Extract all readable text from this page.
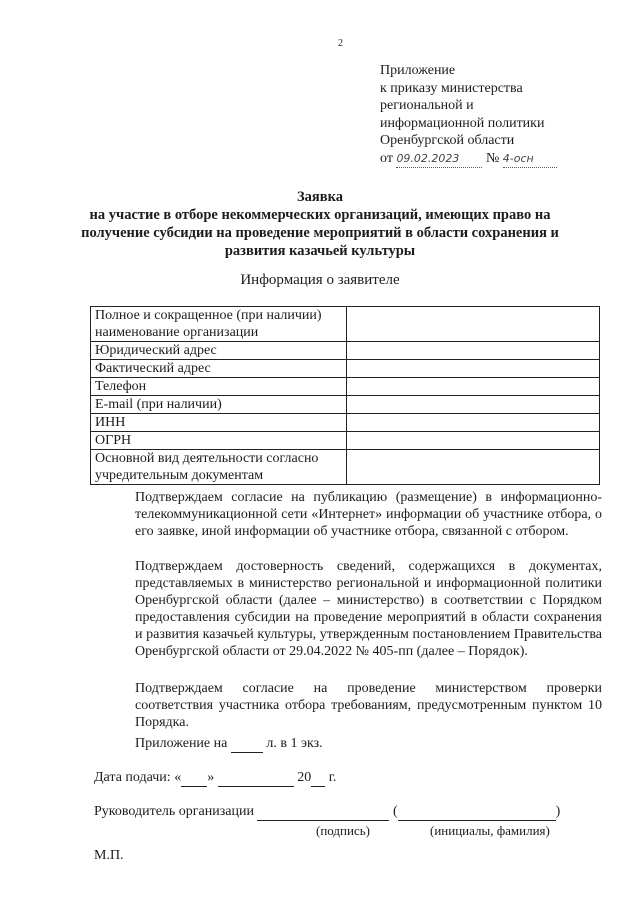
2
Приложение
к приказу министерства
региональной и
информационной политики
Оренбургской области
от 09.02.2023 № 4-осн
Заявка
на участие в отборе некоммерческих организаций, имеющих право на
получение субсидии на проведение мероприятий в области сохранения и
развития казачьей культуры
Информация о заявителе
Полное и сокращенное (при наличии) наименование организации	
Юридический адрес	
Фактический адрес	
Телефон	
E-mail (при наличии)	
ИНН	
ОГРН	
Основной вид деятельности согласно учредительным документам	
Подтверждаем согласие на публикацию (размещение) в информационно-телекоммуникационной сети «Интернет» информации об участнике отбора, о его заявке, иной информации об участнике отбора, связанной с отбором.
Подтверждаем достоверность сведений, содержащихся в документах, представляемых в министерство региональной и информационной политики Оренбургской области (далее – министерство) в соответствии с Порядком предоставления субсидии на проведение мероприятий в области сохранения и развития казачьей культуры, утвержденным постановлением Правительства Оренбургской области от 29.04.2022 № 405-пп (далее – Порядок).
Подтверждаем согласие на проведение министерством проверки соответствия участника отбора требованиям, предусмотренным пунктом 10 Порядка.
Приложение на	л. в 1 экз.
Дата подачи: « »	20 г.
Руководитель организации	(	)
(подпись)	(инициалы, фамилия)
М.П.
